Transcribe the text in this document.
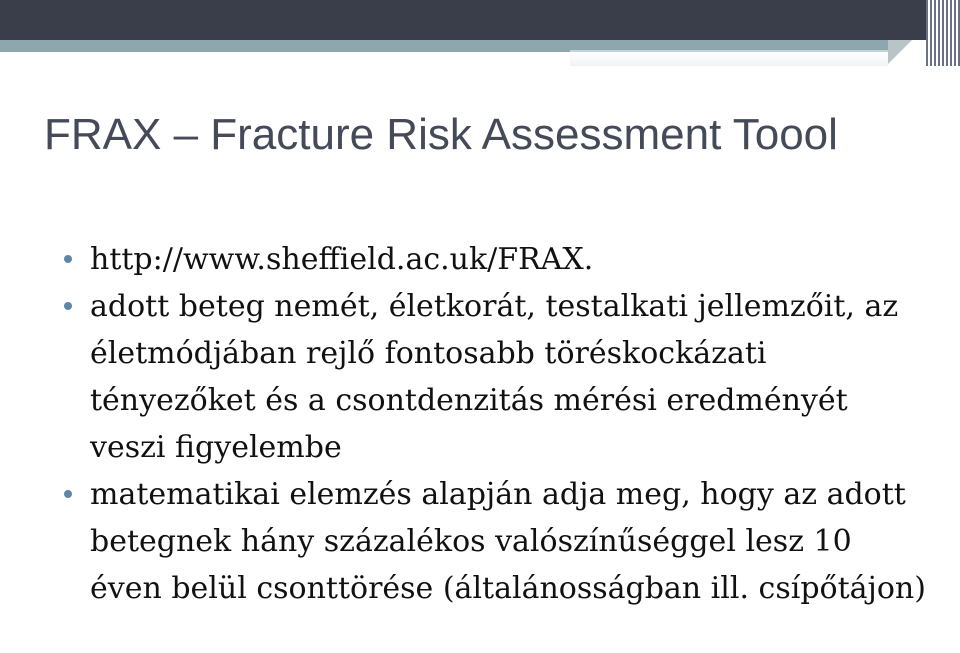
FRAX – Fracture Risk Assessment Toool
http://www.sheffield.ac.uk/FRAX.
adott beteg nemét, életkorát, testalkati jellemzőit, az életmódjában rejlő fontosabb töréskockázati tényezőket és a csontdenzitás mérési eredményét veszi figyelembe
matematikai elemzés alapján adja meg, hogy az adott betegnek hány százalékos valószínűséggel lesz 10 éven belül csonttörése (általánosságban ill. csípőtájon)
